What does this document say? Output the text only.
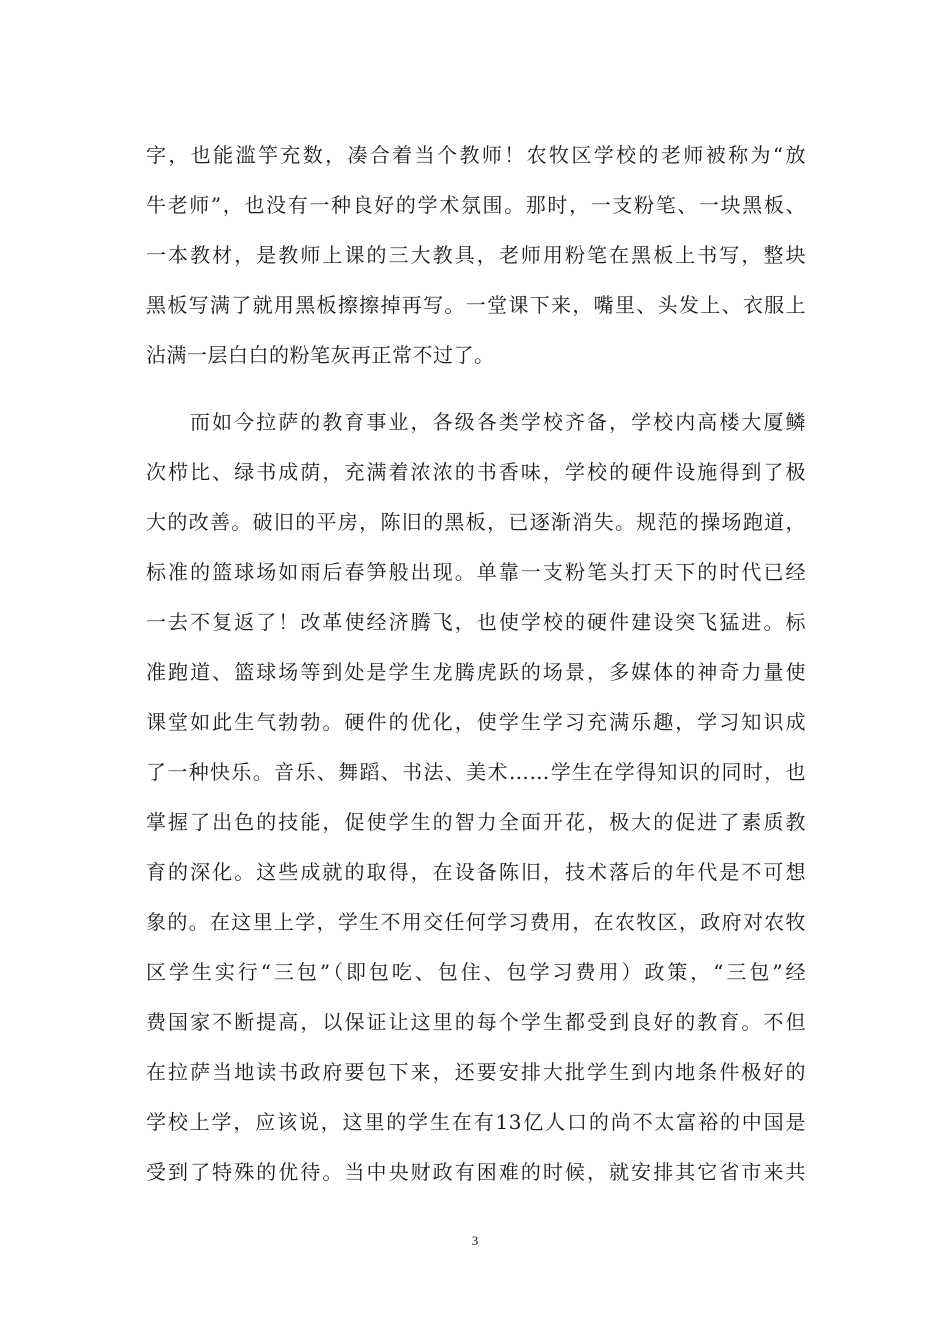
字，也能滥竽充数，凑合着当个教师！农牧区学校的老师被称为“放
牛老师”，也没有一种良好的学术氛围。那时，一支粉笔、一块黑板、
一本教材，是教师上课的三大教具，老师用粉笔在黑板上书写，整块
黑板写满了就用黑板擦擦掉再写。一堂课下来，嘴里、头发上、衣服上
沾满一层白白的粉笔灰再正常不过了。
而如今拉萨的教育事业，各级各类学校齐备，学校内高楼大厦鳞
次栉比、绿书成荫，充满着浓浓的书香味，学校的硬件设施得到了极
大的改善。破旧的平房，陈旧的黑板，已逐渐消失。规范的操场跑道，
标准的篮球场如雨后春笋般出现。单靠一支粉笔头打天下的时代已经
一去不复返了！改革使经济腾飞，也使学校的硬件建设突飞猛进。标
准跑道、篮球场等到处是学生龙腾虎跃的场景，多媒体的神奇力量使
课堂如此生气勃勃。硬件的优化，使学生学习充满乐趣，学习知识成
了一种快乐。音乐、舞蹈、书法、美术……学生在学得知识的同时，也
掌握了出色的技能，促使学生的智力全面开花，极大的促进了素质教
育的深化。这些成就的取得，在设备陈旧，技术落后的年代是不可想
象的。在这里上学，学生不用交任何学习费用，在农牧区，政府对农牧
区学生实行“三包”（即包吃、包住、包学习费用）政策，“三包”经
费国家不断提高，以保证让这里的每个学生都受到良好的教育。不但
在拉萨当地读书政府要包下来，还要安排大批学生到内地条件极好的
学校上学，应该说，这里的学生在有13亿人口的尚不太富裕的中国是
受到了特殊的优待。当中央财政有困难的时候，就安排其它省市来共
3
